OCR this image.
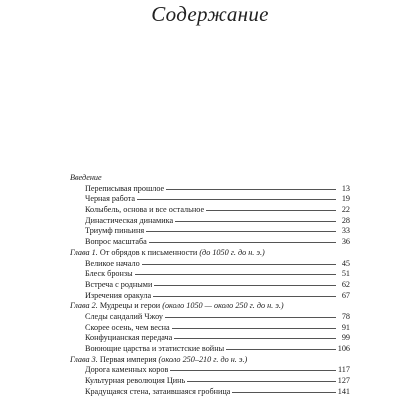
Содержание
Введение
Переписывая прошлое	13
Черная работа	19
Колыбель, основа и все остальное	22
Династическая динамика	28
Триумф пиньиня	33
Вопрос масштаба	36
Глава 1. От обрядов к письменности (до 1050 г. до н. э.)
Великое начало	45
Блеск бронзы	51
Встреча с родными	62
Изречения оракула	67
Глава 2. Мудрецы и герои (около 1050 — около 250 г. до н. э.)
Следы сандалий Чжоу	78
Скорее осень, чем весна	91
Конфуцианская передача	99
Воюющие царства и этатистские войны	106
Глава 3. Первая империя (около 250–210 г. до н. э.)
Дорога каменных коров	117
Культурная революция Цинь	127
Крадущаяся стена, затаившаяся гробница	141
